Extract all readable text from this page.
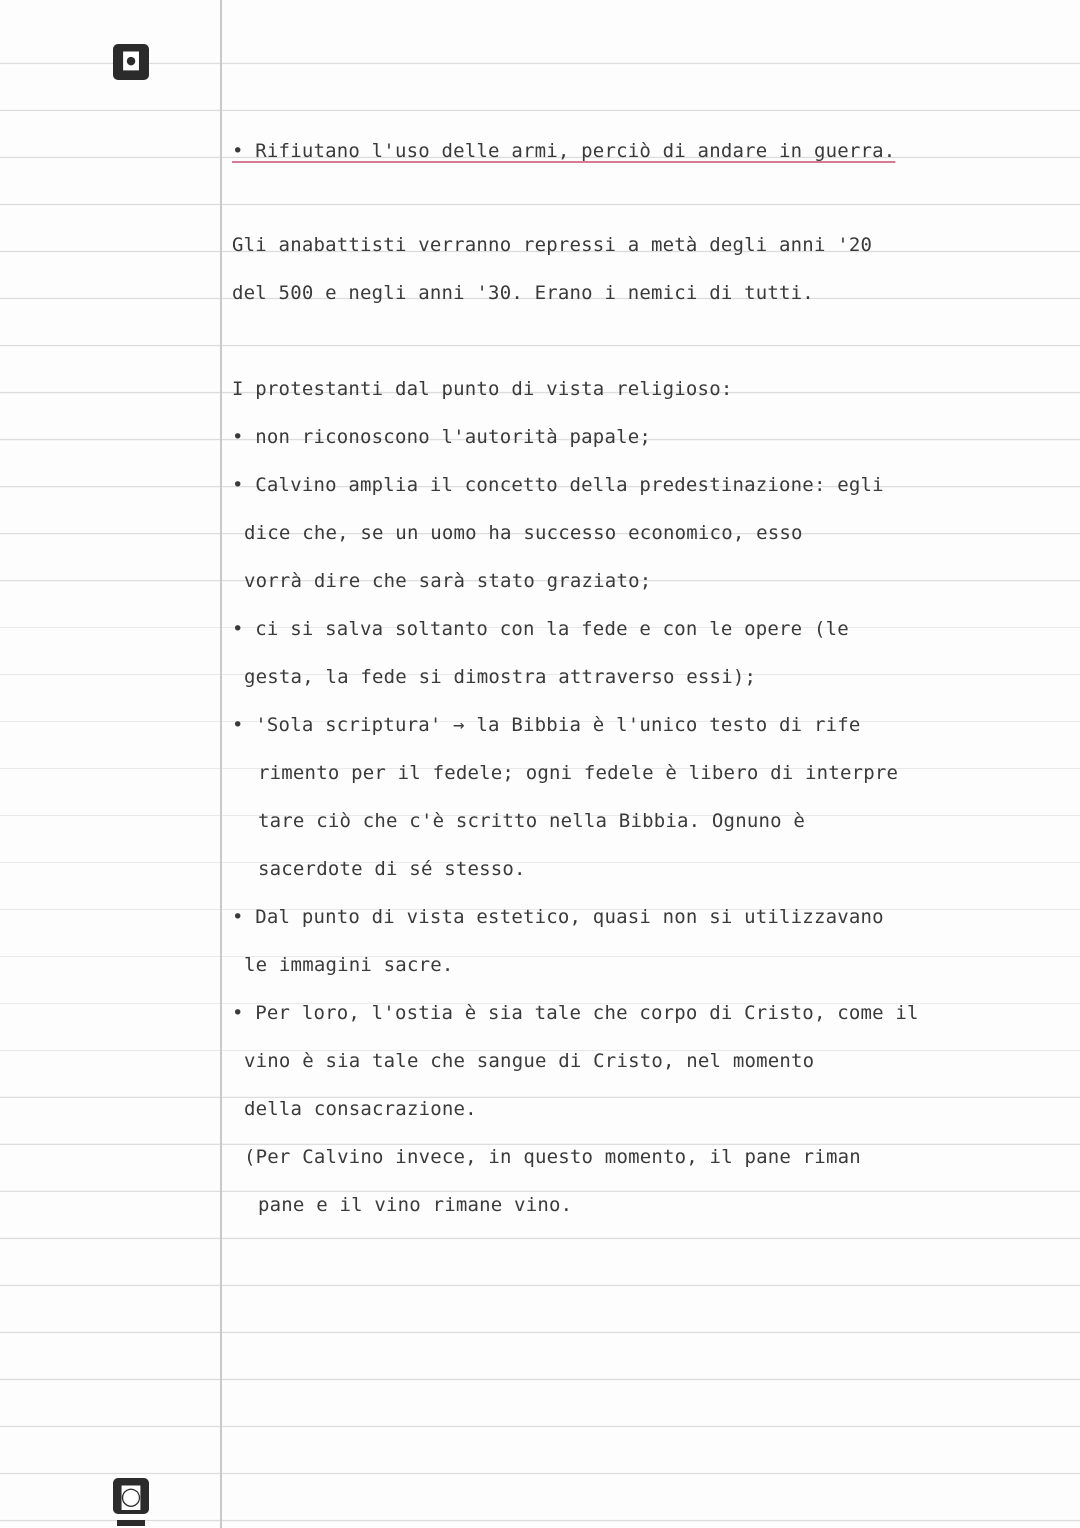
◘
◙
• Rifiutano l'uso delle armi, perciò di andare in guerra.
Gli anabattisti verranno repressi a metà degli anni '20
del 500 e negli anni '30. Erano i nemici di tutti.
I protestanti dal punto di vista religioso:
• non riconoscono l'autorità papale;
• Calvino amplia il concetto della predestinazione: egli
dice che, se un uomo ha successo economico, esso
vorrà dire che sarà stato graziato;
• ci si salva soltanto con la fede e con le opere (le
gesta, la fede si dimostra attraverso essi);
• 'Sola scriptura' → la Bibbia è l'unico testo di rife
rimento per il fedele; ogni fedele è libero di interpre
tare ciò che c'è scritto nella Bibbia. Ognuno è
sacerdote di sé stesso.
• Dal punto di vista estetico, quasi non si utilizzavano
le immagini sacre.
• Per loro, l'ostia è sia tale che corpo di Cristo, come il
vino è sia tale che sangue di Cristo, nel momento
della consacrazione.
(Per Calvino invece, in questo momento, il pane riman
pane e il vino rimane vino.
